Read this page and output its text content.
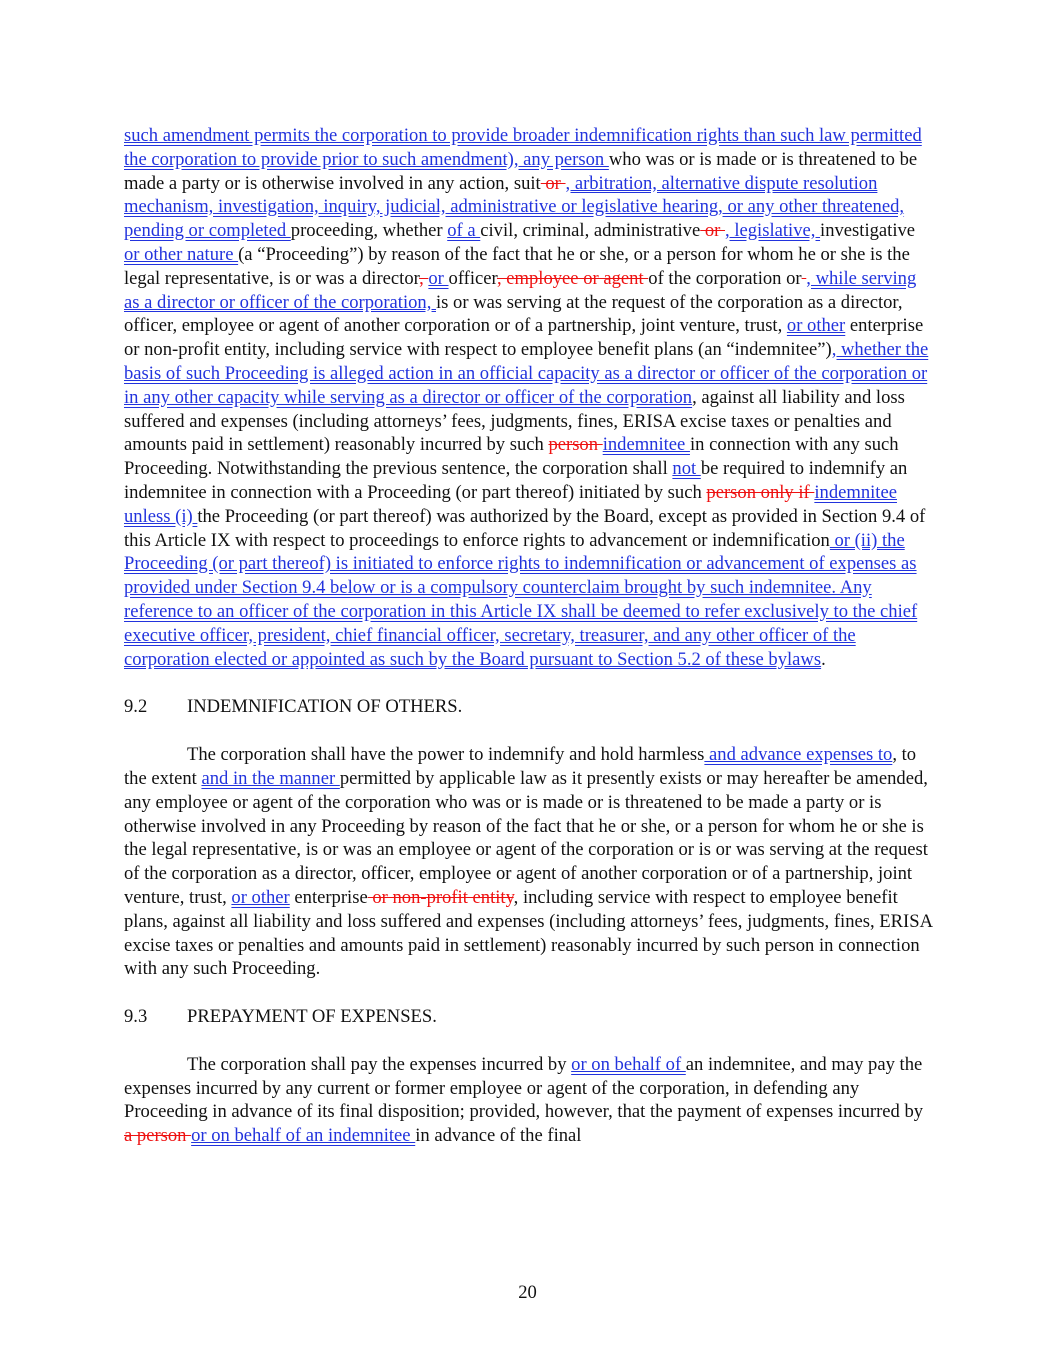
such amendment permits the corporation to provide broader indemnification rights than such law permitted the corporation to provide prior to such amendment), any person who was or is made or is threatened to be made a party or is otherwise involved in any action, suit or , arbitration, alternative dispute resolution mechanism, investigation, inquiry, judicial, administrative or legislative hearing, or any other threatened, pending or completed proceeding, whether of a civil, criminal, administrative or , legislative, investigative or other nature (a “Proceeding”) by reason of the fact that he or she, or a person for whom he or she is the legal representative, is or was a director, or officer, employee or agent of the corporation or , while serving as a director or officer of the corporation, is or was serving at the request of the corporation as a director, officer, employee or agent of another corporation or of a partnership, joint venture, trust, or other enterprise or non-profit entity, including service with respect to employee benefit plans (an “indemnitee”), whether the basis of such Proceeding is alleged action in an official capacity as a director or officer of the corporation or in any other capacity while serving as a director or officer of the corporation, against all liability and loss suffered and expenses (including attorneys’ fees, judgments, fines, ERISA excise taxes or penalties and amounts paid in settlement) reasonably incurred by such person indemnitee in connection with any such Proceeding. Notwithstanding the previous sentence, the corporation shall not be required to indemnify an indemnitee in connection with a Proceeding (or part thereof) initiated by such person only if indemnitee unless (i) the Proceeding (or part thereof) was authorized by the Board, except as provided in Section 9.4 of this Article IX with respect to proceedings to enforce rights to advancement or indemnification or (ii) the Proceeding (or part thereof) is initiated to enforce rights to indemnification or advancement of expenses as provided under Section 9.4 below or is a compulsory counterclaim brought by such indemnitee. Any reference to an officer of the corporation in this Article IX shall be deemed to refer exclusively to the chief executive officer, president, chief financial officer, secretary, treasurer, and any other officer of the corporation elected or appointed as such by the Board pursuant to Section 5.2 of these bylaws.

9.2	INDEMNIFICATION OF OTHERS.

The corporation shall have the power to indemnify and hold harmless and advance expenses to, to the extent and in the manner permitted by applicable law as it presently exists or may hereafter be amended, any employee or agent of the corporation who was or is made or is threatened to be made a party or is otherwise involved in any Proceeding by reason of the fact that he or she, or a person for whom he or she is the legal representative, is or was an employee or agent of the corporation or is or was serving at the request of the corporation as a director, officer, employee or agent of another corporation or of a partnership, joint venture, trust, or other enterprise or non-profit entity, including service with respect to employee benefit plans, against all liability and loss suffered and expenses (including attorneys’ fees, judgments, fines, ERISA excise taxes or penalties and amounts paid in settlement) reasonably incurred by such person in connection with any such Proceeding.

9.3	PREPAYMENT OF EXPENSES.

The corporation shall pay the expenses incurred by or on behalf of an indemnitee, and may pay the expenses incurred by any current or former employee or agent of the corporation, in defending any Proceeding in advance of its final disposition; provided, however, that the payment of expenses incurred by a person or on behalf of an indemnitee in advance of the final

20
